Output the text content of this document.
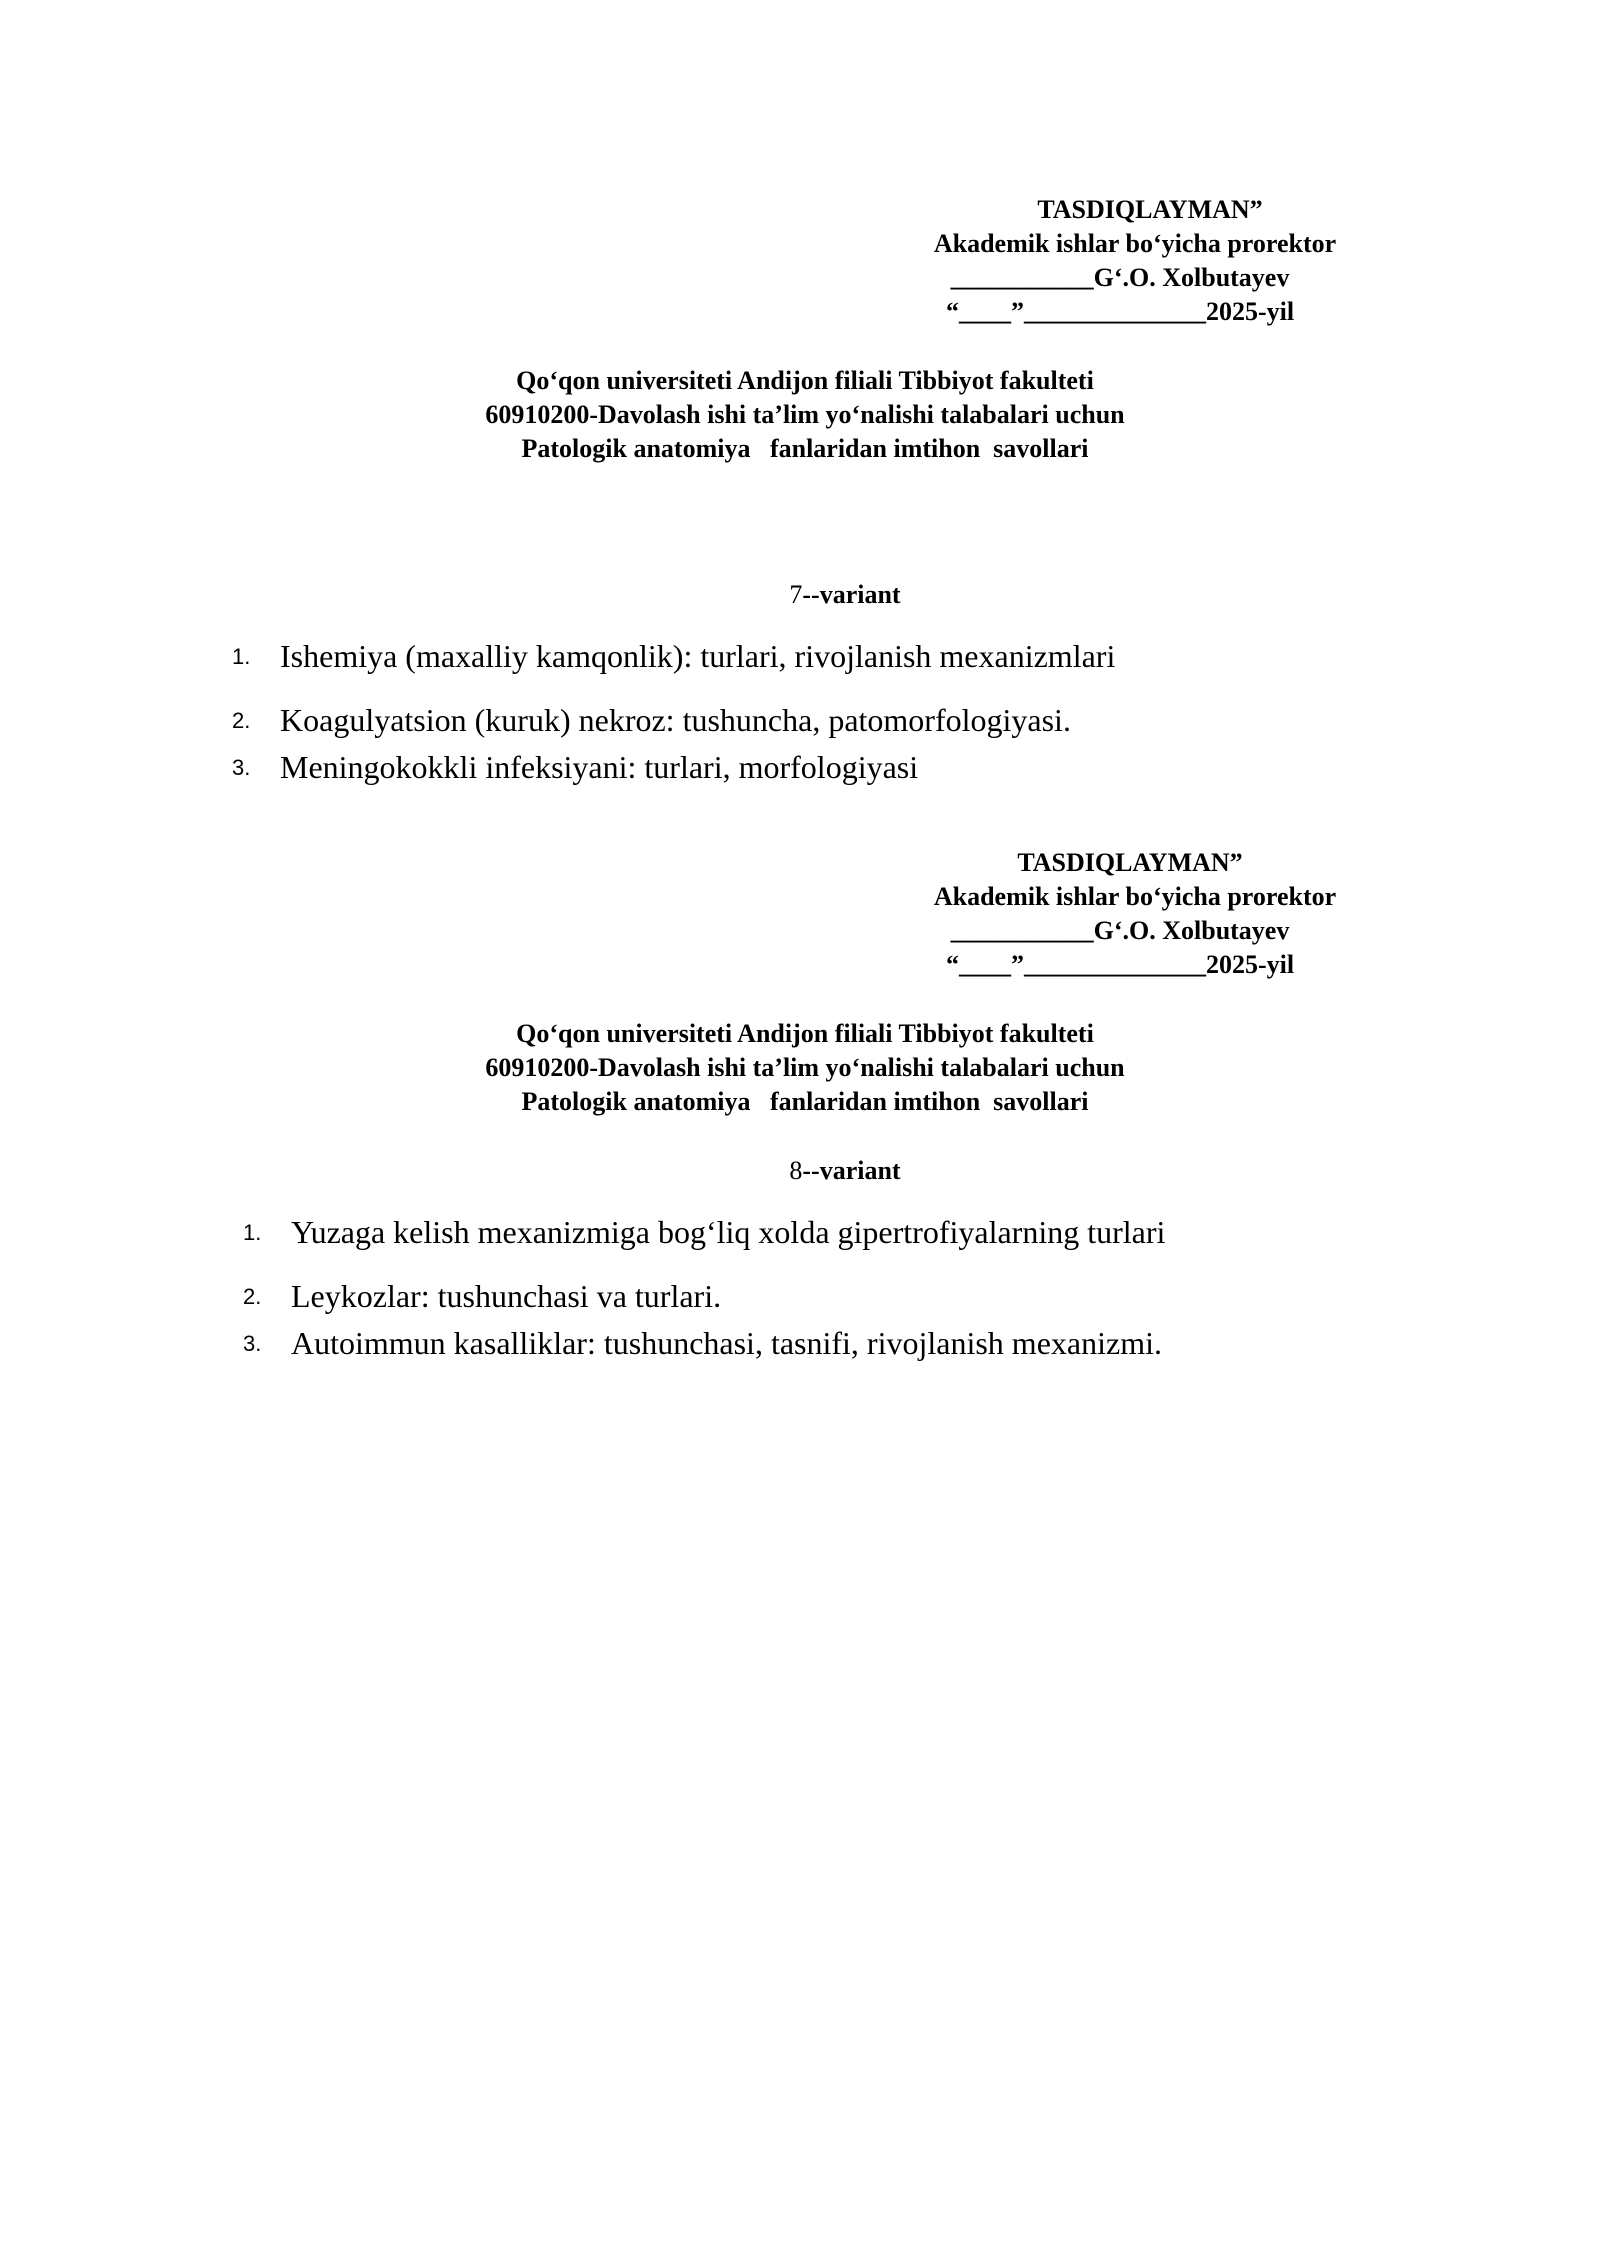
TASDIQLAYMAN”
Akademik ishlar bo‘yicha prorektor
___________G‘.O. Xolbutayev
“____”______________2025-yil
Qo‘qon universiteti Andijon filiali Tibbiyot fakulteti
60910200-Davolash ishi ta’lim yo‘nalishi talabalari uchun
Patologik anatomiya   fanlaridan imtihon  savollari
7--variant
1. Ishemiya (maxalliy kamqonlik): turlari, rivojlanish mexanizmlari
2. Koagulyatsion (kuruk) nekroz: tushuncha, patomorfologiyasi.
3. Meningokokkli infeksiyani: turlari, morfologiyasi
TASDIQLAYMAN”
Akademik ishlar bo‘yicha prorektor
___________G‘.O. Xolbutayev
“____”______________2025-yil
Qo‘qon universiteti Andijon filiali Tibbiyot fakulteti
60910200-Davolash ishi ta’lim yo‘nalishi talabalari uchun
Patologik anatomiya   fanlaridan imtihon  savollari
8--variant
1. Yuzaga kelish mexanizmiga bog‘liq xolda gipertrofiyalarning turlari
2. Leykozlar: tushunchasi va turlari.
3. Autoimmun kasalliklar: tushunchasi, tasnifi, rivojlanish mexanizmi.
